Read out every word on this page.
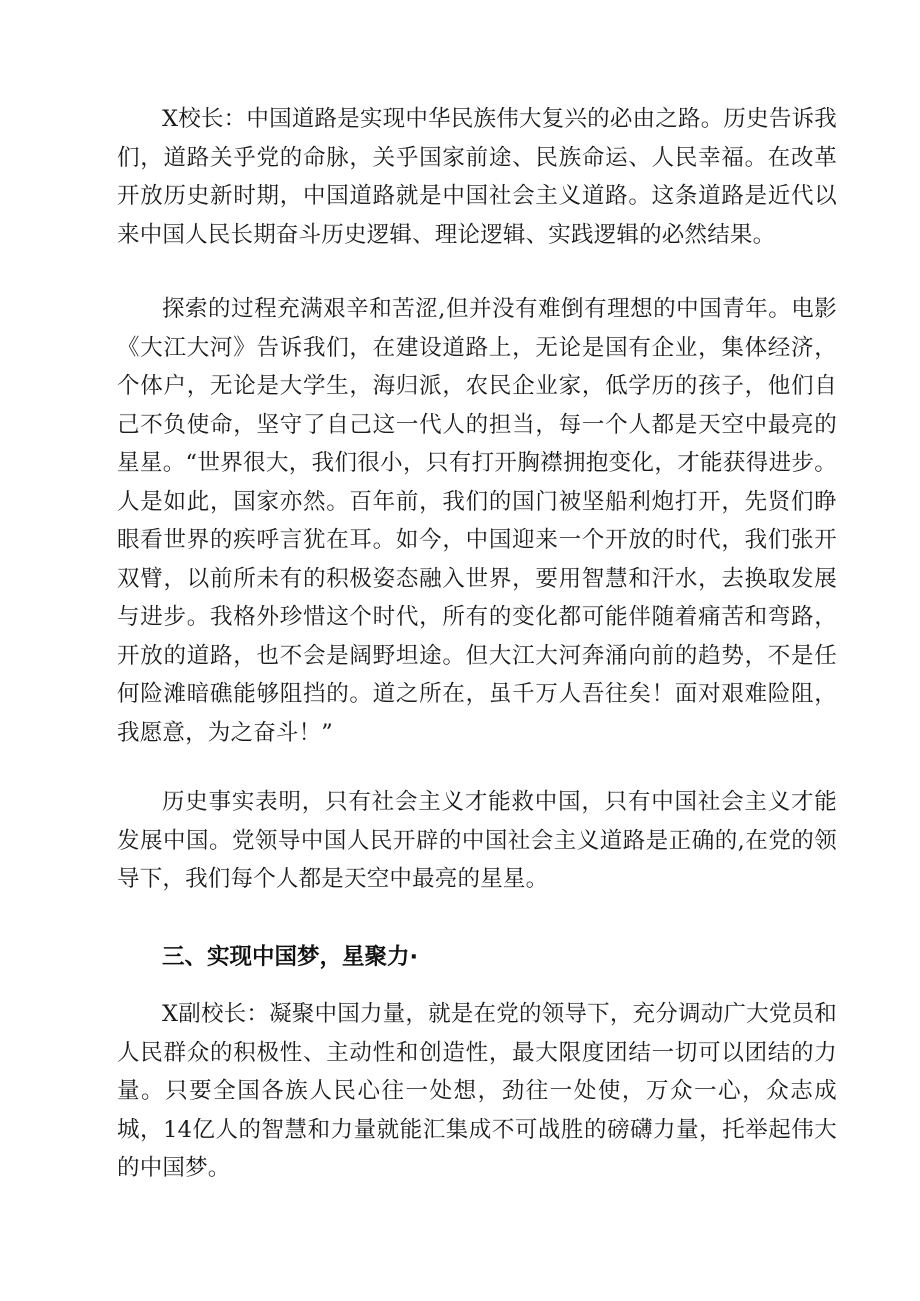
X校长：中国道路是实现中华民族伟大复兴的必由之路。历史告诉我们，道路关乎党的命脉，关乎国家前途、民族命运、人民幸福。在改革开放历史新时期，中国道路就是中国社会主义道路。这条道路是近代以来中国人民长期奋斗历史逻辑、理论逻辑、实践逻辑的必然结果。

探索的过程充满艰辛和苦涩,但并没有难倒有理想的中国青年。电影《大江大河》告诉我们，在建设道路上，无论是国有企业，集体经济，个体户，无论是大学生，海归派，农民企业家，低学历的孩子，他们自己不负使命，坚守了自己这一代人的担当，每一个人都是天空中最亮的星星。“世界很大，我们很小，只有打开胸襟拥抱变化，才能获得进步。人是如此，国家亦然。百年前，我们的国门被坚船利炮打开，先贤们睁眼看世界的疾呼言犹在耳。如今，中国迎来一个开放的时代，我们张开双臂，以前所未有的积极姿态融入世界，要用智慧和汗水，去换取发展与进步。我格外珍惜这个时代，所有的变化都可能伴随着痛苦和弯路，开放的道路，也不会是阔野坦途。但大江大河奔涌向前的趋势，不是任何险滩暗礁能够阻挡的。道之所在，虽千万人吾往矣！面对艰难险阻，我愿意，为之奋斗！”

历史事实表明，只有社会主义才能救中国，只有中国社会主义才能发展中国。党领导中国人民开辟的中国社会主义道路是正确的,在党的领导下，我们每个人都是天空中最亮的星星。

三、实现中国梦，星聚力·

X副校长：凝聚中国力量，就是在党的领导下，充分调动广大党员和人民群众的积极性、主动性和创造性，最大限度团结一切可以团结的力量。只要全国各族人民心往一处想，劲往一处使，万众一心，众志成城，14亿人的智慧和力量就能汇集成不可战胜的磅礴力量，托举起伟大的中国梦。
